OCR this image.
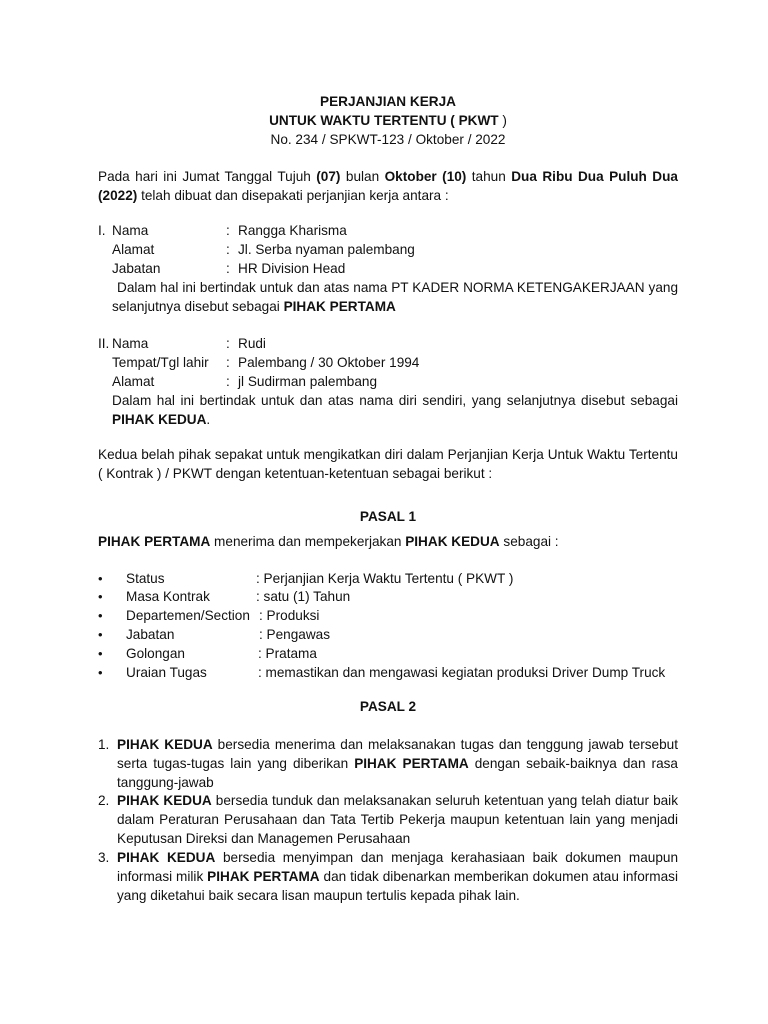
PERJANJIAN KERJA
UNTUK WAKTU TERTENTU ( PKWT )
No. 234 / SPKWT-123 / Oktober / 2022
Pada hari ini Jumat Tanggal Tujuh (07) bulan Oktober (10) tahun Dua Ribu Dua Puluh Dua (2022) telah dibuat dan disepakati perjanjian kerja antara :
I. Nama	: Rangga Kharisma
Alamat	: Jl. Serba nyaman palembang
Jabatan	: HR Division Head
Dalam hal ini bertindak untuk dan atas nama PT KADER NORMA KETENGAKERJAAN yang selanjutnya disebut sebagai PIHAK PERTAMA
II. Nama	: Rudi
Tempat/Tgl lahir : Palembang / 30 Oktober 1994
Alamat	: jl Sudirman palembang
Dalam hal ini bertindak untuk dan atas nama diri sendiri, yang selanjutnya disebut sebagai PIHAK KEDUA.
Kedua belah pihak sepakat untuk mengikatkan diri dalam Perjanjian Kerja Untuk Waktu Tertentu ( Kontrak ) / PKWT dengan ketentuan-ketentuan sebagai berikut :
PASAL 1
PIHAK PERTAMA menerima dan mempekerjakan PIHAK KEDUA sebagai :
• Status	: Perjanjian Kerja Waktu Tertentu ( PKWT )
• Masa Kontrak	: satu (1) Tahun
• Departemen/Section : Produksi
• Jabatan	: Pengawas
• Golongan	: Pratama
• Uraian Tugas	: memastikan dan mengawasi kegiatan produksi Driver Dump Truck
PASAL 2
1. PIHAK KEDUA bersedia menerima dan melaksanakan tugas dan tenggung jawab tersebut serta tugas-tugas lain yang diberikan PIHAK PERTAMA dengan sebaik-baiknya dan rasa tanggung-jawab
2. PIHAK KEDUA bersedia tunduk dan melaksanakan seluruh ketentuan yang telah diatur baik dalam Peraturan Perusahaan dan Tata Tertib Pekerja maupun ketentuan lain yang menjadi Keputusan Direksi dan Managemen Perusahaan
3. PIHAK KEDUA bersedia menyimpan dan menjaga kerahasiaan baik dokumen maupun informasi milik PIHAK PERTAMA dan tidak dibenarkan memberikan dokumen atau informasi yang diketahui baik secara lisan maupun tertulis kepada pihak lain.
